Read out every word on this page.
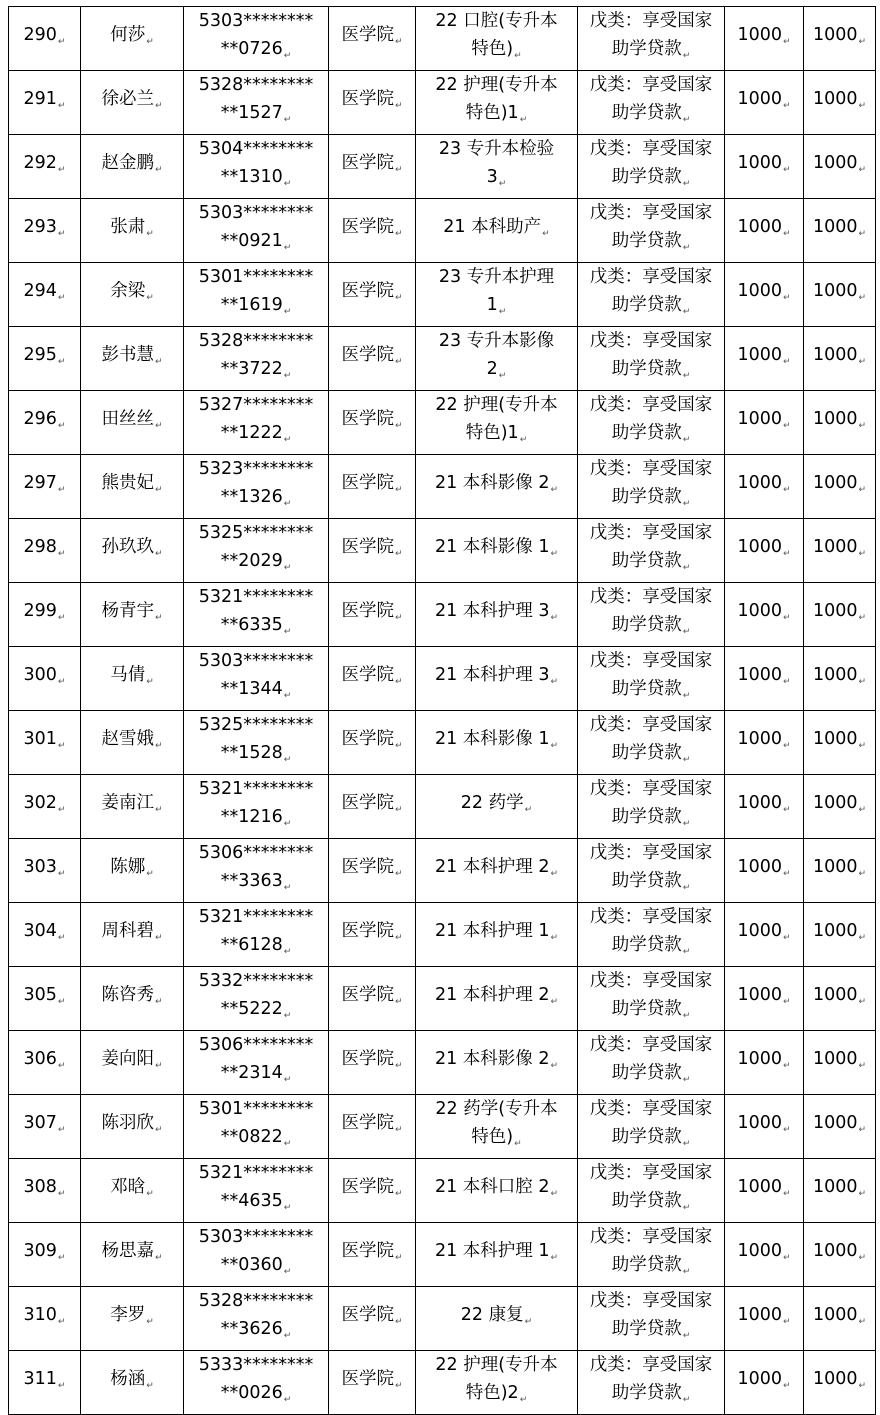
$290_↵$	何莎$_↵$	5303********
$**0726_↵$	医学院$_↵$	22 口腔(专升本
特色)$_↵$	戊类：享受国家
助学贷款$_↵$	$1000_↵$	$1000_↵$
$291_↵$	徐必兰$_↵$	5328********
$**1527_↵$	医学院$_↵$	22 护理(专升本
特色)$1_↵$	戊类：享受国家
助学贷款$_↵$	$1000_↵$	$1000_↵$
$292_↵$	赵金鹏$_↵$	5304********
$**1310_↵$	医学院$_↵$	23 专升本检验
$3_↵$	戊类：享受国家
助学贷款$_↵$	$1000_↵$	$1000_↵$
$293_↵$	张肃$_↵$	5303********
$**0921_↵$	医学院$_↵$	21 本科助产$_↵$	戊类：享受国家
助学贷款$_↵$	$1000_↵$	$1000_↵$
$294_↵$	余梁$_↵$	5301********
$**1619_↵$	医学院$_↵$	23 专升本护理
$1_↵$	戊类：享受国家
助学贷款$_↵$	$1000_↵$	$1000_↵$
$295_↵$	彭书慧$_↵$	5328********
$**3722_↵$	医学院$_↵$	23 专升本影像
$2_↵$	戊类：享受国家
助学贷款$_↵$	$1000_↵$	$1000_↵$
$296_↵$	田丝丝$_↵$	5327********
$**1222_↵$	医学院$_↵$	22 护理(专升本
特色)$1_↵$	戊类：享受国家
助学贷款$_↵$	$1000_↵$	$1000_↵$
$297_↵$	熊贵妃$_↵$	5323********
$**1326_↵$	医学院$_↵$	21 本科影像 $2_↵$	戊类：享受国家
助学贷款$_↵$	$1000_↵$	$1000_↵$
$298_↵$	孙玖玖$_↵$	5325********
$**2029_↵$	医学院$_↵$	21 本科影像 $1_↵$	戊类：享受国家
助学贷款$_↵$	$1000_↵$	$1000_↵$
$299_↵$	杨青宇$_↵$	5321********
$**6335_↵$	医学院$_↵$	21 本科护理 $3_↵$	戊类：享受国家
助学贷款$_↵$	$1000_↵$	$1000_↵$
$300_↵$	马倩$_↵$	5303********
$**1344_↵$	医学院$_↵$	21 本科护理 $3_↵$	戊类：享受国家
助学贷款$_↵$	$1000_↵$	$1000_↵$
$301_↵$	赵雪娥$_↵$	5325********
$**1528_↵$	医学院$_↵$	21 本科影像 $1_↵$	戊类：享受国家
助学贷款$_↵$	$1000_↵$	$1000_↵$
$302_↵$	姜南江$_↵$	5321********
$**1216_↵$	医学院$_↵$	22 药学$_↵$	戊类：享受国家
助学贷款$_↵$	$1000_↵$	$1000_↵$
$303_↵$	陈娜$_↵$	5306********
$**3363_↵$	医学院$_↵$	21 本科护理 $2_↵$	戊类：享受国家
助学贷款$_↵$	$1000_↵$	$1000_↵$
$304_↵$	周科碧$_↵$	5321********
$**6128_↵$	医学院$_↵$	21 本科护理 $1_↵$	戊类：享受国家
助学贷款$_↵$	$1000_↵$	$1000_↵$
$305_↵$	陈咨秀$_↵$	5332********
$**5222_↵$	医学院$_↵$	21 本科护理 $2_↵$	戊类：享受国家
助学贷款$_↵$	$1000_↵$	$1000_↵$
$306_↵$	姜向阳$_↵$	5306********
$**2314_↵$	医学院$_↵$	21 本科影像 $2_↵$	戊类：享受国家
助学贷款$_↵$	$1000_↵$	$1000_↵$
$307_↵$	陈羽欣$_↵$	5301********
$**0822_↵$	医学院$_↵$	22 药学(专升本
特色)$_↵$	戊类：享受国家
助学贷款$_↵$	$1000_↵$	$1000_↵$
$308_↵$	邓晗$_↵$	5321********
$**4635_↵$	医学院$_↵$	21 本科口腔 $2_↵$	戊类：享受国家
助学贷款$_↵$	$1000_↵$	$1000_↵$
$309_↵$	杨思嘉$_↵$	5303********
$**0360_↵$	医学院$_↵$	21 本科护理 $1_↵$	戊类：享受国家
助学贷款$_↵$	$1000_↵$	$1000_↵$
$310_↵$	李罗$_↵$	5328********
$**3626_↵$	医学院$_↵$	22 康复$_↵$	戊类：享受国家
助学贷款$_↵$	$1000_↵$	$1000_↵$
$311_↵$	杨涵$_↵$	5333********
$**0026_↵$	医学院$_↵$	22 护理(专升本
特色)$2_↵$	戊类：享受国家
助学贷款$_↵$	$1000_↵$	$1000_↵$
